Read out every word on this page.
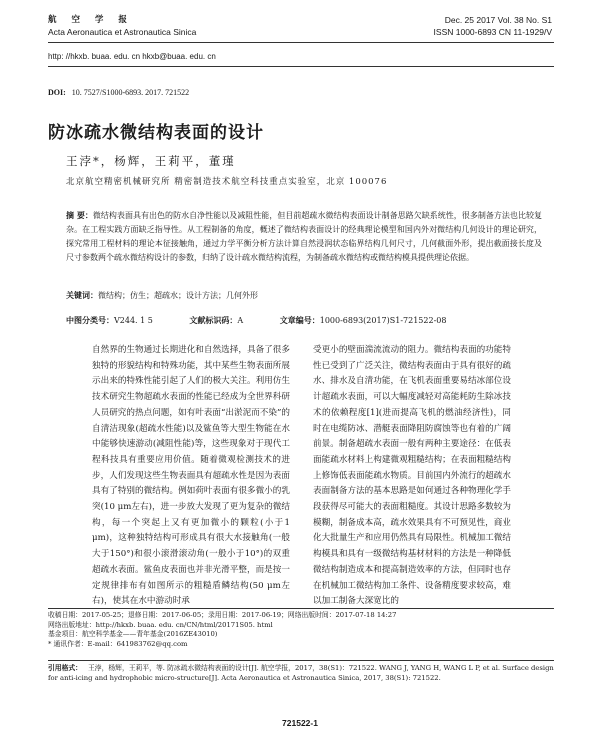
航 空 学 报
Acta Aeronautica et Astronautica Sinica
Dec. 25 2017 Vol. 38 No. S1
ISSN 1000-6893 CN 11-1929/V
http: //hkxb. buaa. edu. cn hkxb@buaa. edu. cn
DOI: 10. 7527/S1000-6893. 2017. 721522
防冰疏水微结构表面的设计
王浡*，杨辉，王莉平，董瑾
北京航空精密机械研究所 精密制造技术航空科技重点实验室，北京 100076
摘 要：微结构表面具有出色的防水自净性能以及减阻性能，但目前超疏水微结构表面设计制备思路欠缺系统性，很多制备方法也比较复杂。在工程实践方面缺乏指导性。从工程制备的角度，概述了微结构表面设计的经典理论模型和国内外对微结构几何设计的理论研究，探究常用工程材料的理论本征接触角，通过力学平衡分析方法计算自然浸润状态临界结构几何尺寸，几何截面外形，提出截面接长度及尺寸参数两个疏水微结构设计的参数，归纳了设计疏水微结构流程，为制备疏水微结构或微结构模具提供理论依据。
关键词：微结构；仿生；超疏水；设计方法；几何外形
中图分类号：V244. 1 5	文献标识码：A	文章编号：1000-6893(2017)S1-721522-08

自然界的生物通过长期进化和自然选择，具备了很多独特的形貌结构和特殊功能，其中某些生物表面所展示出来的特殊性能引起了人们的极大关注。利用仿生技术研究生物超疏水表面的性能已经成为全世界科研人员研究的热点问题，如有叶表面“出淤泥而不染”的自清洁现象(超疏水性能)以及鲨鱼等大型生物能在水中能够快速游动(减阻性能)等，这些现象对于现代工程科技具有重要应用价值。随着微观检测技术的进步，人们发现这些生物表面具有超疏水性是因为表面具有了特别的微结构。例如荷叶表面有很多微小的乳突(10 μm左右)，进一步放大发现了更为复杂的微结构，每一个突起上又有更加微小的颗粒(小于1 μm)，这种独特结构可形成具有很大水接触角(一般大于150°)和很小滚滑滚动角(一般小于10°)的双重超疏水表面。鲨鱼皮表面也并非光滑平整，而是按一定规律排布有如图所示的粗糙盾鳞结构(50 μm左右)，使其在水中游动时承

受更小的壁面湍流流动的阻力。微结构表面的功能特性已受到了广泛关注，微结构表面由于具有很好的疏水、排水及自清功能，在飞机表面重要易结冰部位设计超疏水表面，可以大幅度减轻对高能耗防生除冰技术的依赖程度[1](进而提高飞机的燃油经济性)，同时在电缆防冰、潜艇表面降阻防腐蚀等也有着的广阔前景。制备超疏水表面一般有两种主要途径：在低表面能疏水材料上构建微观粗糙结构；在表面粗糙结构上修饰低表面能疏水物质。目前国内外流行的超疏水表面制备方法的基本思路是如何通过各种物理化学手段获得尽可能大的表面粗糙度。其设计思路多数较为模糊，制备成本高，疏水效果具有不可预见性，商业化大批量生产和应用仍然具有局限性。机械加工微结构模具和具有一级微结构基材材料的方法是一种降低微结构制造成本和提高制造效率的方法，但同时也存在机械加工微结构加工条件、设备精度要求较高，难以加工制备大深宽比的

收稿日期：2017-05-25；退修日期：2017-06-05；录用日期：2017-06-19；网络出版时间：2017-07-18 14:27
网络出版地址：http://hkxb. buaa. edu. cn/CN/html/20171S05. html
基金项目：航空科学基金——青年基金(2016ZE43010)
* 通讯作者：E-mail：641983762@qq.com
引用格式： 王浡，杨辉，王莉平，等. 防冰疏水微结构表面的设计[J]. 航空学报，2017，38(S1)：721522. WANG J, YANG H, WANG L P, et al. Surface design for anti-icing and hydrophobic micro-structure[J]. Acta Aeronautica et Astronautica Sinica, 2017, 38(S1): 721522.
721522-1
